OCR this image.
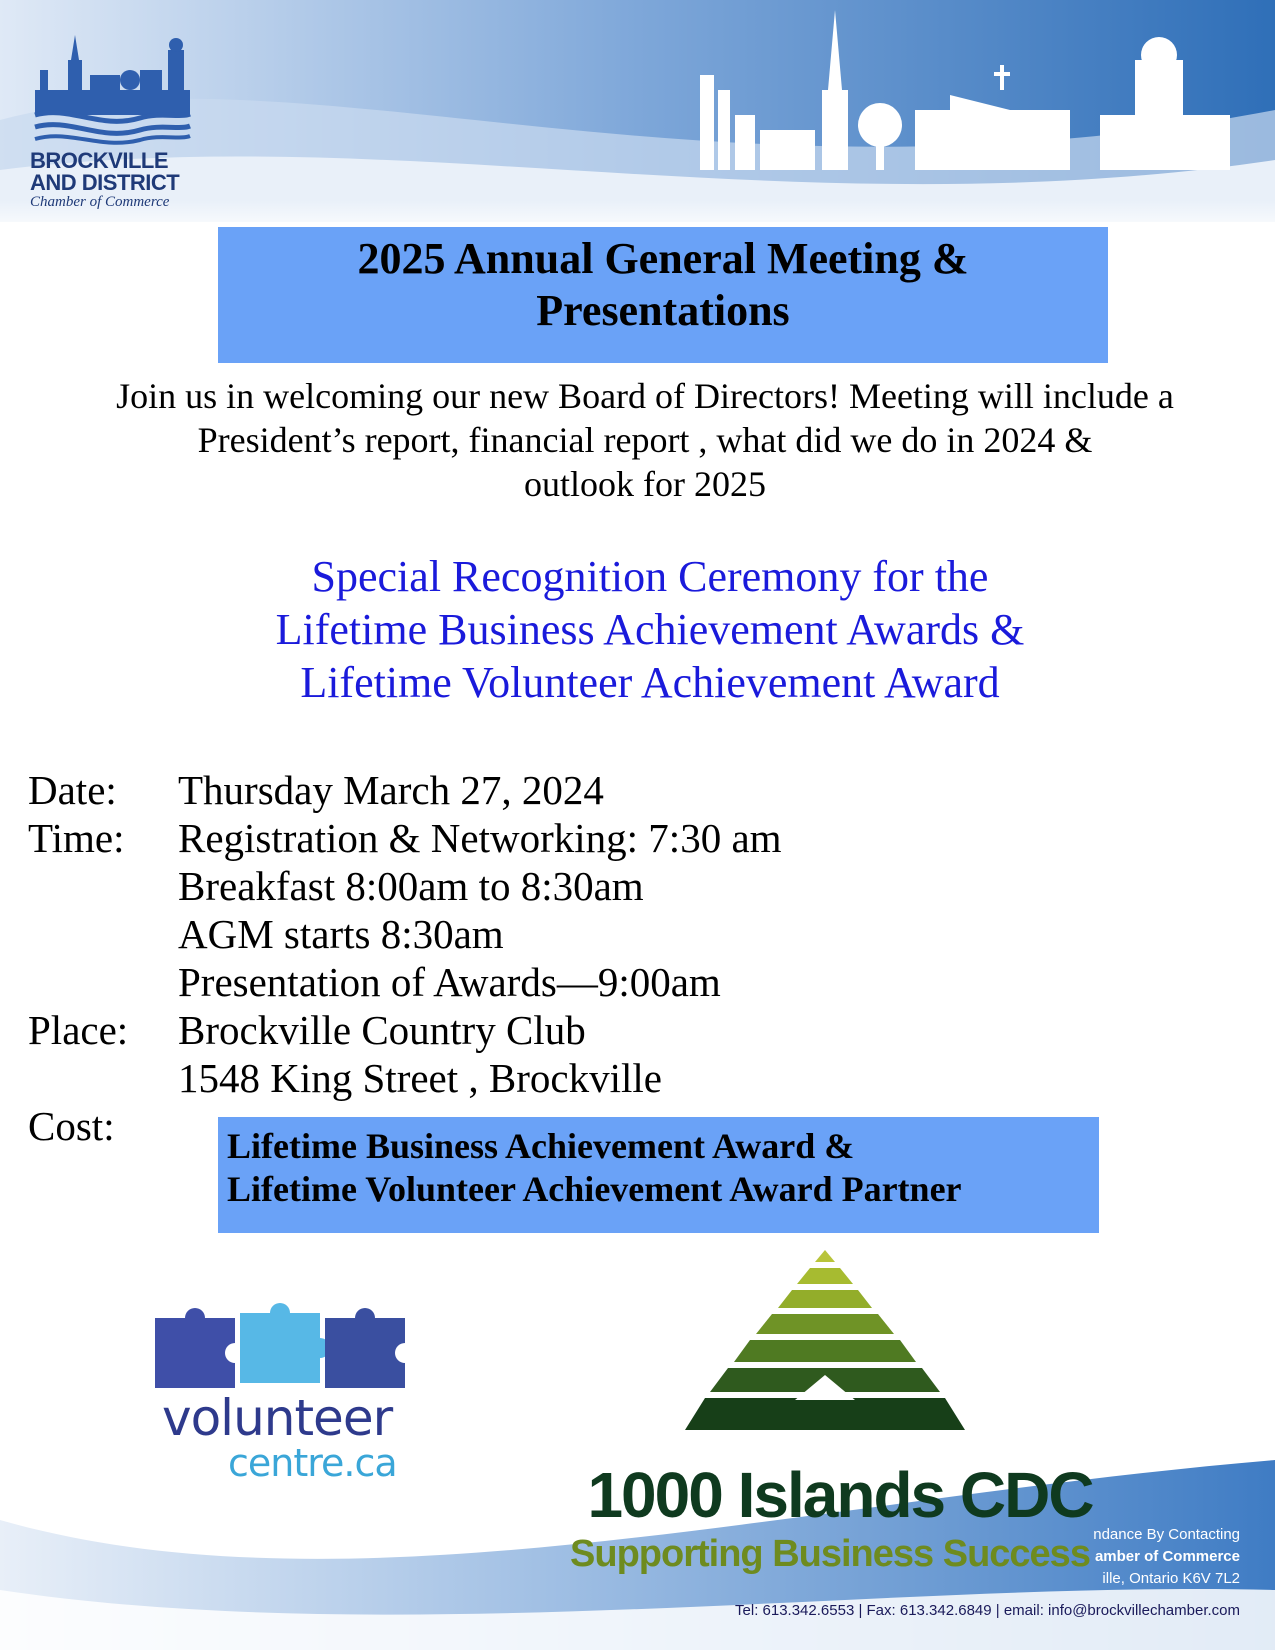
BROCKVILLE
AND DISTRICT
Chamber of Commerce
2025 Annual General Meeting &
Presentations
Join us in welcoming our new Board of Directors! Meeting will include a
President’s report, financial report , what did we do in 2024 &
outlook for 2025
Special Recognition Ceremony for the
Lifetime Business Achievement Awards &
Lifetime Volunteer Achievement Award
Date: Thursday March 27, 2024
Time: Registration & Networking: 7:30 am
Breakfast 8:00am to 8:30am
AGM starts 8:30am
Presentation of Awards—9:00am
Place: Brockville Country Club
1548 King Street , Brockville
Cost:	Lifetime Business Achievement Award &
Lifetime Volunteer Achievement Award Partner
ndance By Contacting
amber of Commerce
ille, Ontario K6V 7L2
Tel: 613.342.6553 | Fax: 613.342.6849 | email: info@brockvillechamber.com
volunteer
centre.ca	1000 Islands CDC
Supporting Business Success
